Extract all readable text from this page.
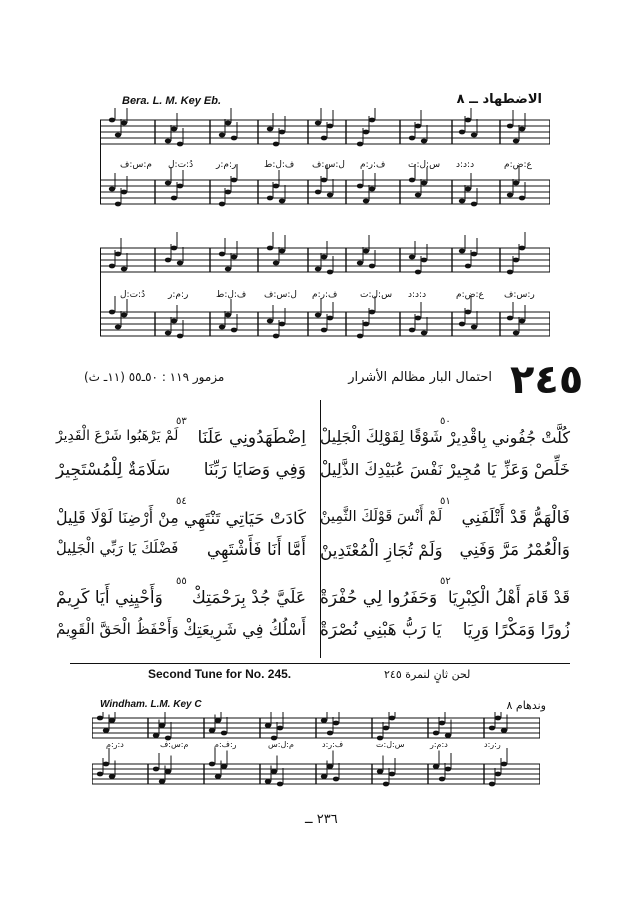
Bera. L. M. Key Eb.	الاضطهاد ــ ٨
م:س:ف دُ:ت:ل	ر:م:ر	ف:ل:ط ل:س:ف ف:ر:م	س:ل:ت د:د:د	ع:ض:م
دُ:ت:ل	ر:م:ر	ف:ل:ط ل:س:ف ف:ر:م	س:ل:ت د:د:د	ع:ض:م ر:س:ف
٢٤٥
احتمال البار مظالم الأشرار
مزمور ١١٩ : ٥٠ـ٥٥ (١١ـ ث)
كُلَّتْ جُفُوني بِاقْدِيرْ
شَوْقًا لِقَوْلِكَ الْجَلِيلْ
٥٠
خَلِّصْ وَعَزِّ يَا مُجِيرْ
نَفْسَ عُبَيْدِكَ الذَّلِيلْ
فَالْهَمُّ قَدْ أَتْلَفَنِي
لَمْ أَنْسَ قَوْلَكَ الثَّمِينْ
٥١
وَالْعُمْرُ مَرَّ وَفَنِي
وَلَمْ تُجَازِ الْمُعْتَدِينْ
قَدْ قَامَ أَهْلُ الْكِبْرِيَا
وَحَفَرُوا لِي حُفْرَةْ
٥٢
زُورًا وَمَكْرًا وَرِيَا
يَا رَبُّ هَبْنِي نُصْرَةْ
اِضْطَهَدُونِي عَلَنَا
لَمْ يَرْهَبُوا شَرْعَ الْقَدِيرْ
٥٣
وَفِي وَصَايَا رَبِّنَا
سَلَامَةٌ لِلْمُسْتَجِيرْ
كَادَتْ حَيَاتِي تَنْتَهِي
مِنْ أَرْضِنَا لَوْلَا قَلِيلْ
٥٤
أَمَّا أَنَا فَأَشْتَهِي
فَضْلَكَ يَا رَبِّي الْجَلِيلْ
عَلَيَّ جُدْ بِرَحْمَتِكْ
وَأَحْيِنِي أَيَا كَرِيمْ
٥٥
أَسْلُكُ فِي شَرِيعَتِكْ
وَأَحْفَظُ الْحَقَّ الْقَوِيمْ
Second Tune for No. 245.	لحن ثانٍ لنمرة ٢٤٥
Windham. L.M. Key C	وندهام ٨
د:ر:م	م:س:ف	ر:ف:م	م:ل:س	ف:ر:د	س:ل:ت	د:م:ر	ر:ر:د
٢٣٦ ــ
